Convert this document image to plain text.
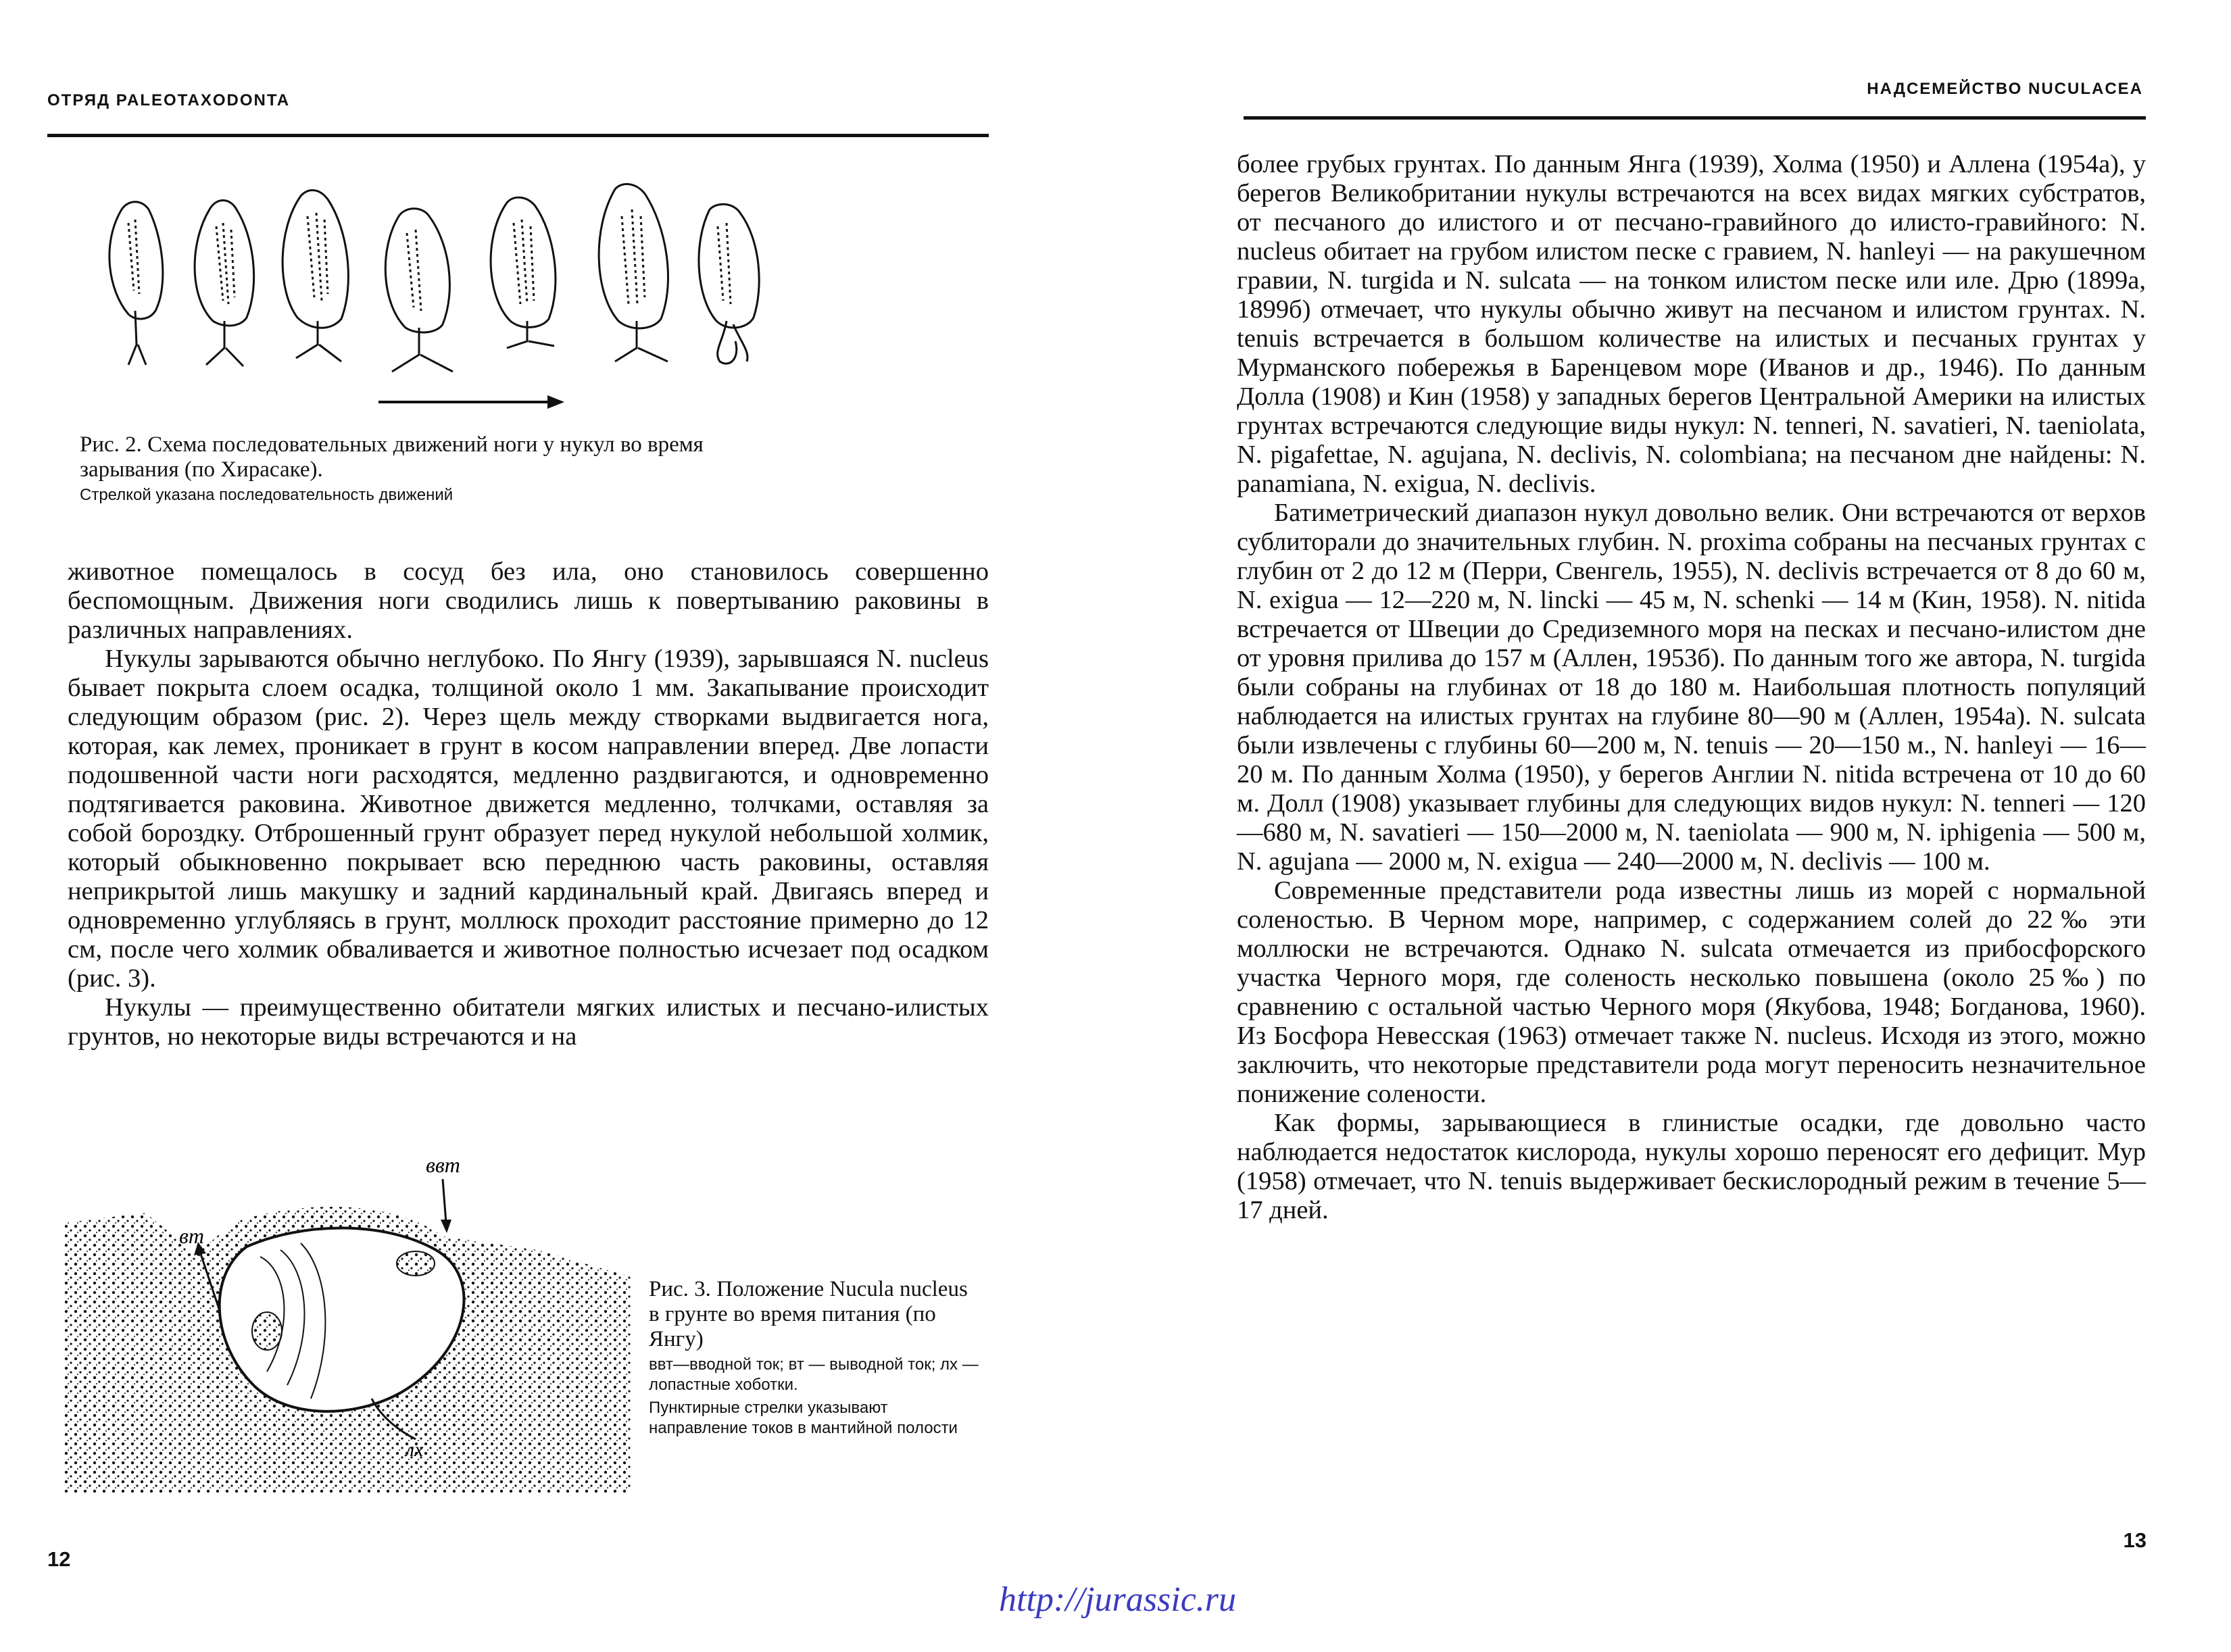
ОТРЯД PALEOTAXODONTA
Рис. 2. Схема последовательных движений ноги у нукул во время зарывания (по Хирасаке).
Стрелкой указана последовательность движений

животное помещалось в сосуд без ила, оно становилось совершенно беспомощным. Движения ноги сводились лишь к повертыванию раковины в различных направлениях.

Нукулы зарываются обычно неглубоко. По Янгу (1939), зарывшаяся N. nucleus бывает покрыта слоем осадка, толщиной около 1 мм. Закапывание происходит следующим образом (рис. 2). Через щель между створками выдвигается нога, которая, как лемех, проникает в грунт в косом направлении вперед. Две лопасти подошвенной части ноги расходятся, медленно раздвигаются, и одновременно подтягивается раковина. Животное движется медленно, толчками, оставляя за собой бороздку. Отброшенный грунт образует перед нукулой небольшой холмик, который обыкновенно покрывает всю переднюю часть раковины, оставляя неприкрытой лишь макушку и задний кардинальный край. Двигаясь вперед и одновременно углубляясь в грунт, моллюск проходит расстояние примерно до 12 см, после чего холмик обваливается и животное полностью исчезает под осадком (рис. 3).

Нукулы — преимущественно обитатели мягких илистых и песчано-илистых грунтов, но некоторые виды встречаются и на

ввт
вт
лх
Рис. 3. Положение Nucula nucleus в грунте во время питания (по Янгу)
ввт—вводной ток; вт — выводной ток; лх — лопастные хоботки.
Пунктирные стрелки указывают направление токов в мантийной полости
12
НАДСЕМЕЙСТВО NUCULACEA

более грубых грунтах. По данным Янга (1939), Холма (1950) и Аллена (1954а), у берегов Великобритании нукулы встречаются на всех видах мягких субстратов, от песчаного до илистого и от песчано-гравийного до илисто-гравийного: N. nucleus обитает на грубом илистом песке с гравием, N. hanleyi — на ракушечном гравии, N. turgida и N. sulcata — на тонком илистом песке или иле. Дрю (1899а, 1899б) отмечает, что нукулы обычно живут на песчаном и илистом грунтах. N. tenuis встречается в большом количестве на илистых и песчаных грунтах у Мурманского побережья в Баренцевом море (Иванов и др., 1946). По данным Долла (1908) и Кин (1958) у западных берегов Центральной Америки на илистых грунтах встречаются следующие виды нукул: N. tenneri, N. savatieri, N. taeniolata, N. pigafettae, N. agujana, N. declivis, N. colombiana; на песчаном дне найдены: N. panamiana, N. exigua, N. declivis.

Батиметрический диапазон нукул довольно велик. Они встречаются от верхов сублиторали до значительных глубин. N. proxima собраны на песчаных грунтах с глубин от 2 до 12 м (Перри, Свенгель, 1955), N. declivis встречается от 8 до 60 м, N. exigua — 12—220 м, N. lincki — 45 м, N. schenki — 14 м (Кин, 1958). N. nitida встречается от Швеции до Средиземного моря на песках и песчано-илистом дне от уровня прилива до 157 м (Аллен, 1953б). По данным того же автора, N. turgida были собраны на глубинах от 18 до 180 м. Наибольшая плотность популяций наблюдается на илистых грунтах на глубине 80—90 м (Аллен, 1954а). N. sulcata были извлечены с глубины 60—200 м, N. tenuis — 20—150 м., N. hanleyi — 16—20 м. По данным Холма (1950), у берегов Англии N. nitida встречена от 10 до 60 м. Долл (1908) указывает глубины для следующих видов нукул: N. tenneri — 120—680 м, N. savatieri — 150—2000 м, N. taeniolata — 900 м, N. iphigenia — 500 м, N. agujana — 2000 м, N. exigua — 240—2000 м, N. declivis — 100 м.

Современные представители рода известны лишь из морей с нормальной соленостью. В Черном море, например, с содержанием солей до 22‰ эти моллюски не встречаются. Однако N. sulcata отмечается из прибосфорского участка Черного моря, где соленость несколько повышена (около 25‰) по сравнению с остальной частью Черного моря (Якубова, 1948; Богданова, 1960). Из Босфора Невесская (1963) отмечает также N. nucleus. Исходя из этого, можно заключить, что некоторые представители рода могут переносить незначительное понижение солености.

Как формы, зарывающиеся в глинистые осадки, где довольно часто наблюдается недостаток кислорода, нукулы хорошо переносят его дефицит. Мур (1958) отмечает, что N. tenuis выдерживает бескислородный режим в течение 5—17 дней.

13
http://jurassic.ru
